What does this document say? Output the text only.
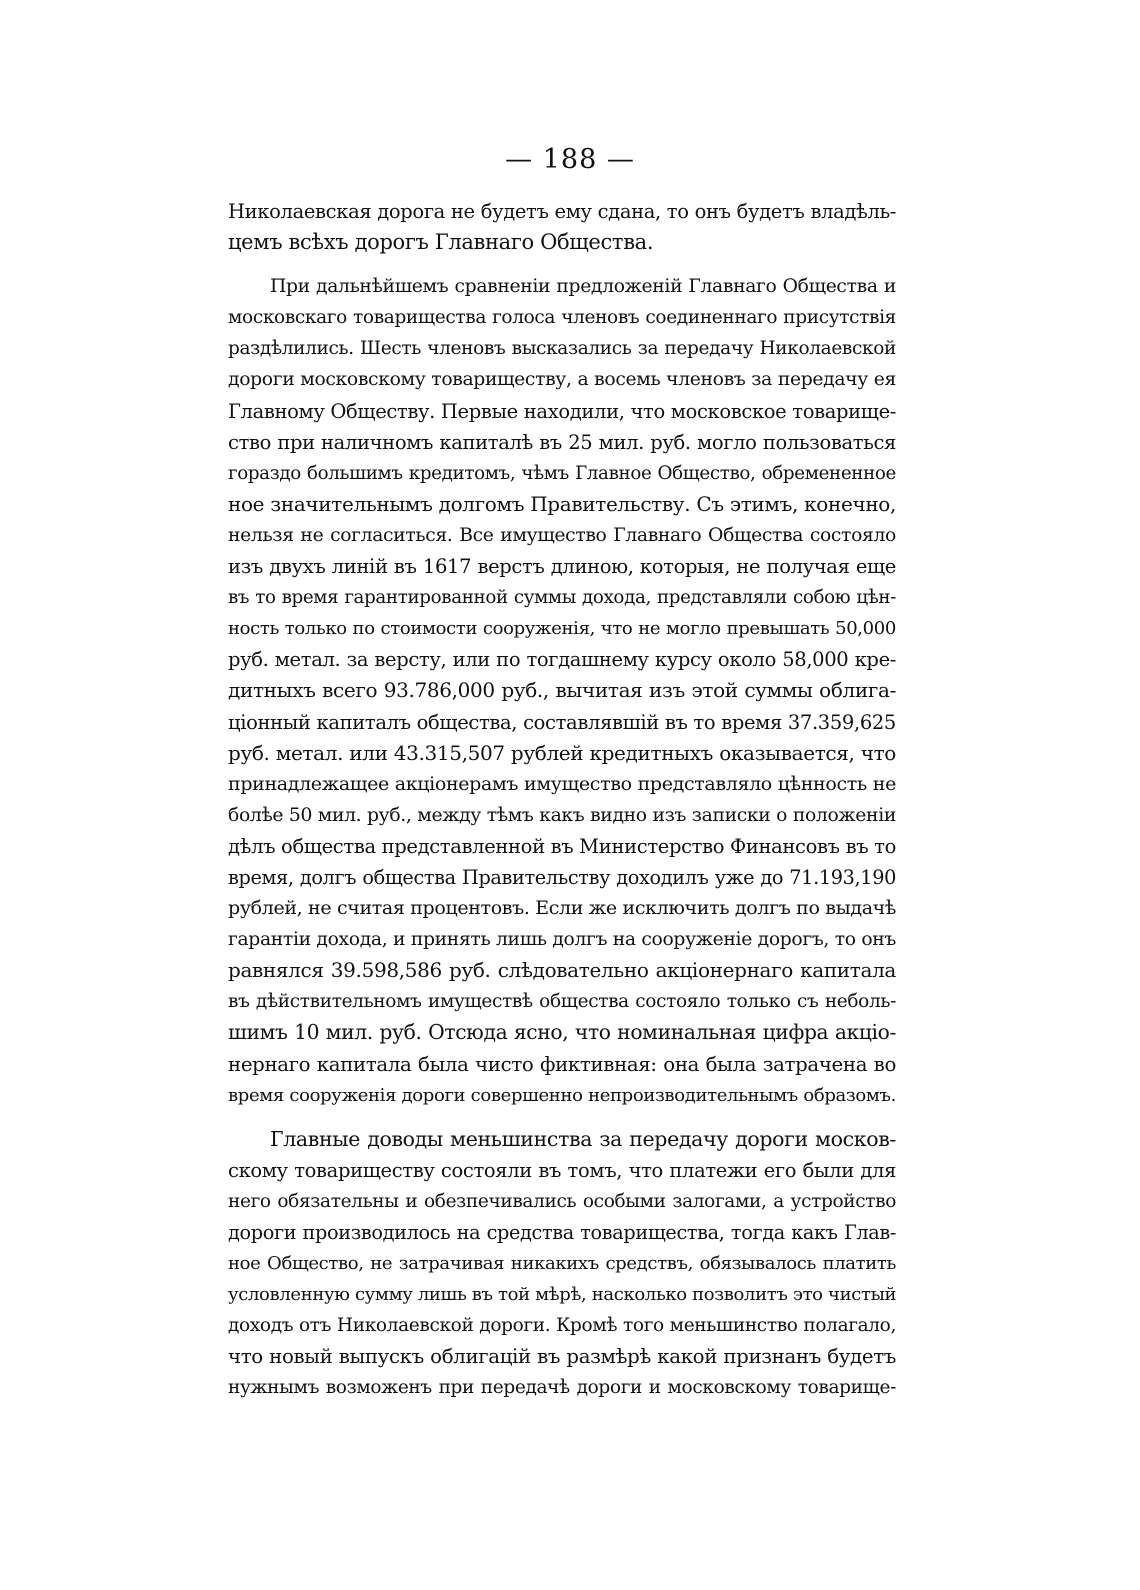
— 188 —
Николаевская дорога не будетъ ему сдана, то онъ будетъ владѣль-
цемъ всѣхъ дорогъ Главнаго Общества.
При дальнѣйшемъ сравненіи предложеній Главнаго Общества и
московскаго товарищества голоса членовъ соединеннаго присутствія
раздѣлились. Шесть членовъ высказались за передачу Николаевской
дороги московскому товариществу, а восемь членовъ за передачу ея
Главному Обществу. Первые находили, что московское товарище-
ство при наличномъ капиталѣ въ 25 мил. руб. могло пользоваться
гораздо большимъ кредитомъ, чѣмъ Главное Общество, обремененное
ное значительнымъ долгомъ Правительству. Съ этимъ, конечно,
нельзя не согласиться. Все имущество Главнаго Общества состояло
изъ двухъ линій въ 1617 верстъ длиною, которыя, не получая еще
въ то время гарантированной суммы дохода, представляли собою цѣн-
ность только по стоимости сооруженія, что не могло превышать 50,000
руб. метал. за версту, или по тогдашнему курсу около 58,000 кре-
дитныхъ всего 93.786,000 руб., вычитая изъ этой суммы облига-
ціонный капиталъ общества, составлявшій въ то время 37.359,625
руб. метал. или 43.315,507 рублей кредитныхъ оказывается, что
принадлежащее акціонерамъ имущество представляло цѣнность не
болѣе 50 мил. руб., между тѣмъ какъ видно изъ записки о положеніи
дѣлъ общества представленной въ Министерство Финансовъ въ то
время, долгъ общества Правительству доходилъ уже до 71.193,190
рублей, не считая процентовъ. Если же исключить долгъ по выдачѣ
гарантіи дохода, и принять лишь долгъ на сооруженіе дорогъ, то онъ
равнялся 39.598,586 руб. слѣдовательно акціонернаго капитала
въ дѣйствительномъ имуществѣ общества состояло только съ неболь-
шимъ 10 мил. руб. Отсюда ясно, что номинальная цифра акціо-
нернаго капитала была чисто фиктивная: она была затрачена во
время сооруженія дороги совершенно непроизводительнымъ образомъ.
Главные доводы меньшинства за передачу дороги москов-
скому товариществу состояли въ томъ, что платежи его были для
него обязательны и обезпечивались особыми залогами, а устройство
дороги производилось на средства товарищества, тогда какъ Глав-
ное Общество, не затрачивая никакихъ средствъ, обязывалось платить
условленную сумму лишь въ той мѣрѣ, насколько позволитъ это чистый
доходъ отъ Николаевской дороги. Кромѣ того меньшинство полагало,
что новый выпускъ облигацій въ размѣрѣ какой признанъ будетъ
нужнымъ возможенъ при передачѣ дороги и московскому товарище-
